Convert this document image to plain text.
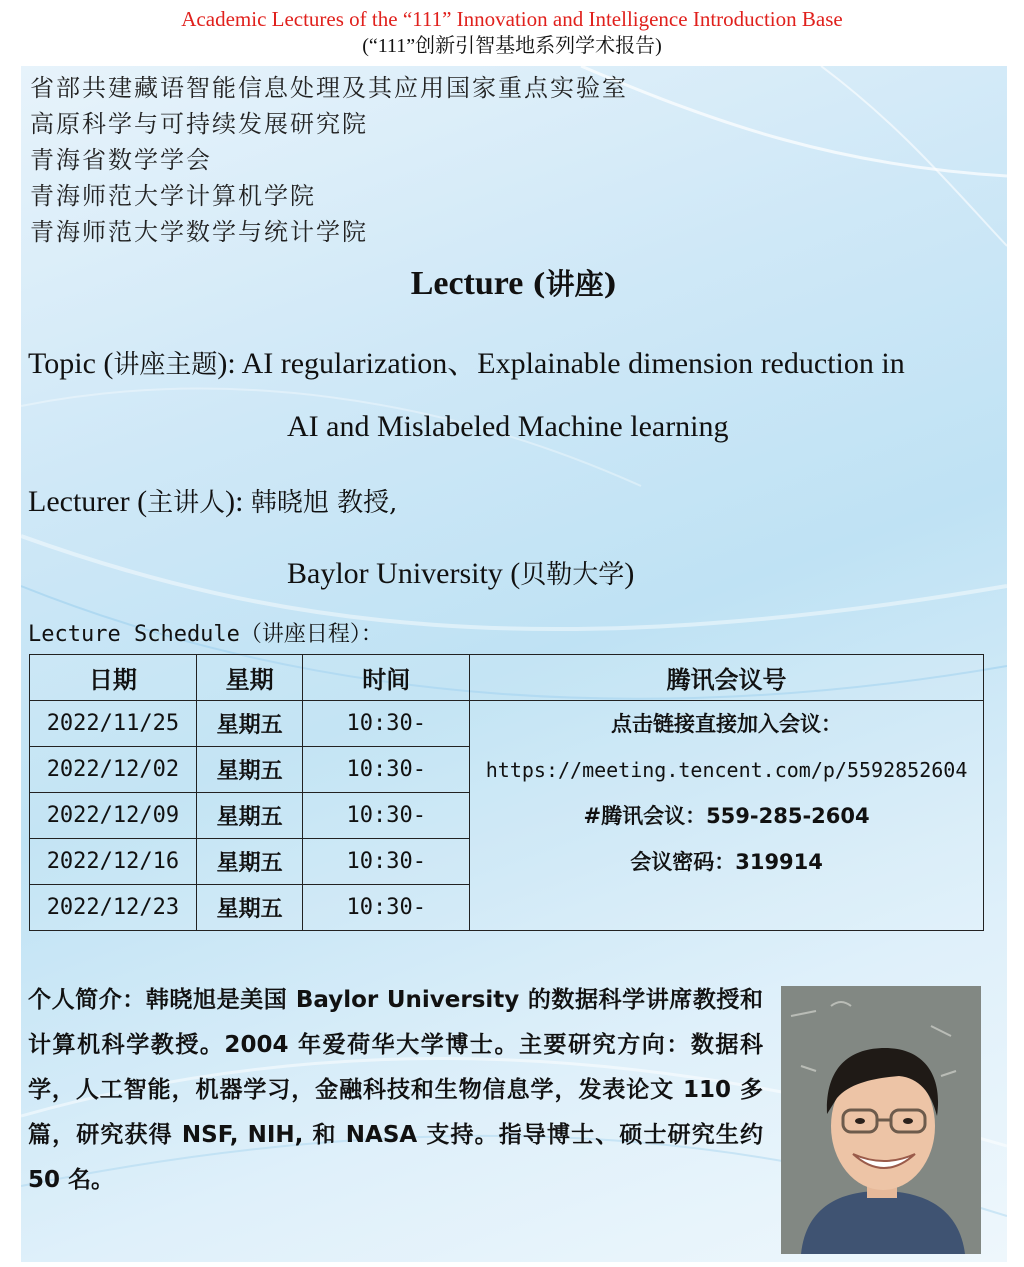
Academic Lectures of the “111” Innovation and Intelligence Introduction Base
(“111”创新引智基地系列学术报告)
省部共建藏语智能信息处理及其应用国家重点实验室
高原科学与可持续发展研究院
青海省数学学会
青海师范大学计算机学院
青海师范大学数学与统计学院
Lecture (讲座)
Topic (讲座主题): AI regularization、Explainable dimension reduction in
AI and Mislabeled Machine learning
Lecturer (主讲人): 韩晓旭 教授,
Baylor University (贝勒大学)
Lecture Schedule（讲座日程）：
日期	星期	时间	腾讯会议号
2022/11/25	星期五	10:30-	点击链接直接加入会议：
https://meeting.tencent.com/p/5592852604
#腾讯会议：559-285-2604
会议密码：319914

2022/12/02	星期五	10:30-	
2022/12/09	星期五	10:30-	
2022/12/16	星期五	10:30-	
2022/12/23	星期五	10:30-	
个人简介：韩晓旭是美国 Baylor University 的数据科学讲席教授和计算机科学教授。2004 年爱荷华大学博士。主要研究方向：数据科学，人工智能，机器学习，金融科技和生物信息学，发表论文 110 多篇，研究获得 NSF, NIH, 和 NASA 支持。指导博士、硕士研究生约 50 名。
